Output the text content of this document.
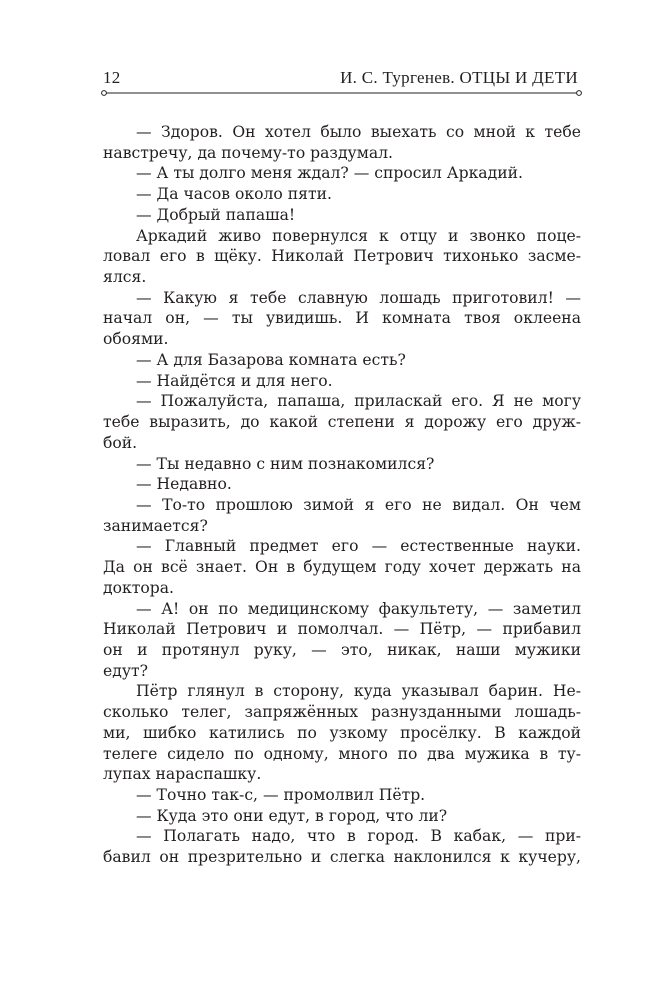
12	И. С. Тургенев. ОТЦЫ И ДЕТИ
— Здоров. Он хотел было выехать со мной к тебе
навстречу, да почему-то раздумал.
— А ты долго меня ждал? — спросил Аркадий.
— Да часов около пяти.
— Добрый папаша!
Аркадий живо повернулся к отцу и звонко поце-
ловал его в щёку. Николай Петрович тихонько засме-
ялся.
— Какую я тебе славную лошадь приготовил! —
начал он, — ты увидишь. И комната твоя оклеена
обоями.
— А для Базарова комната есть?
— Найдётся и для него.
— Пожалуйста, папаша, приласкай его. Я не могу
тебе выразить, до какой степени я дорожу его друж-
бой.
— Ты недавно с ним познакомился?
— Недавно.
— То-то прошлою зимой я его не видал. Он чем
занимается?
— Главный предмет его — естественные науки.
Да он всё знает. Он в будущем году хочет держать на
доктора.
— А! он по медицинскому факультету, — заметил
Николай Петрович и помолчал. — Пётр, — прибавил
он и протянул руку, — это, никак, наши мужики
едут?
Пётр глянул в сторону, куда указывал барин. Не-
сколько телег, запряжённых разнузданными лошадь-
ми, шибко катились по узкому просёлку. В каждой
телеге сидело по одному, много по два мужика в ту-
лупах нараспашку.
— Точно так-с, — промолвил Пётр.
— Куда это они едут, в город, что ли?
— Полагать надо, что в город. В кабак, — при-
бавил он презрительно и слегка наклонился к кучеру,
